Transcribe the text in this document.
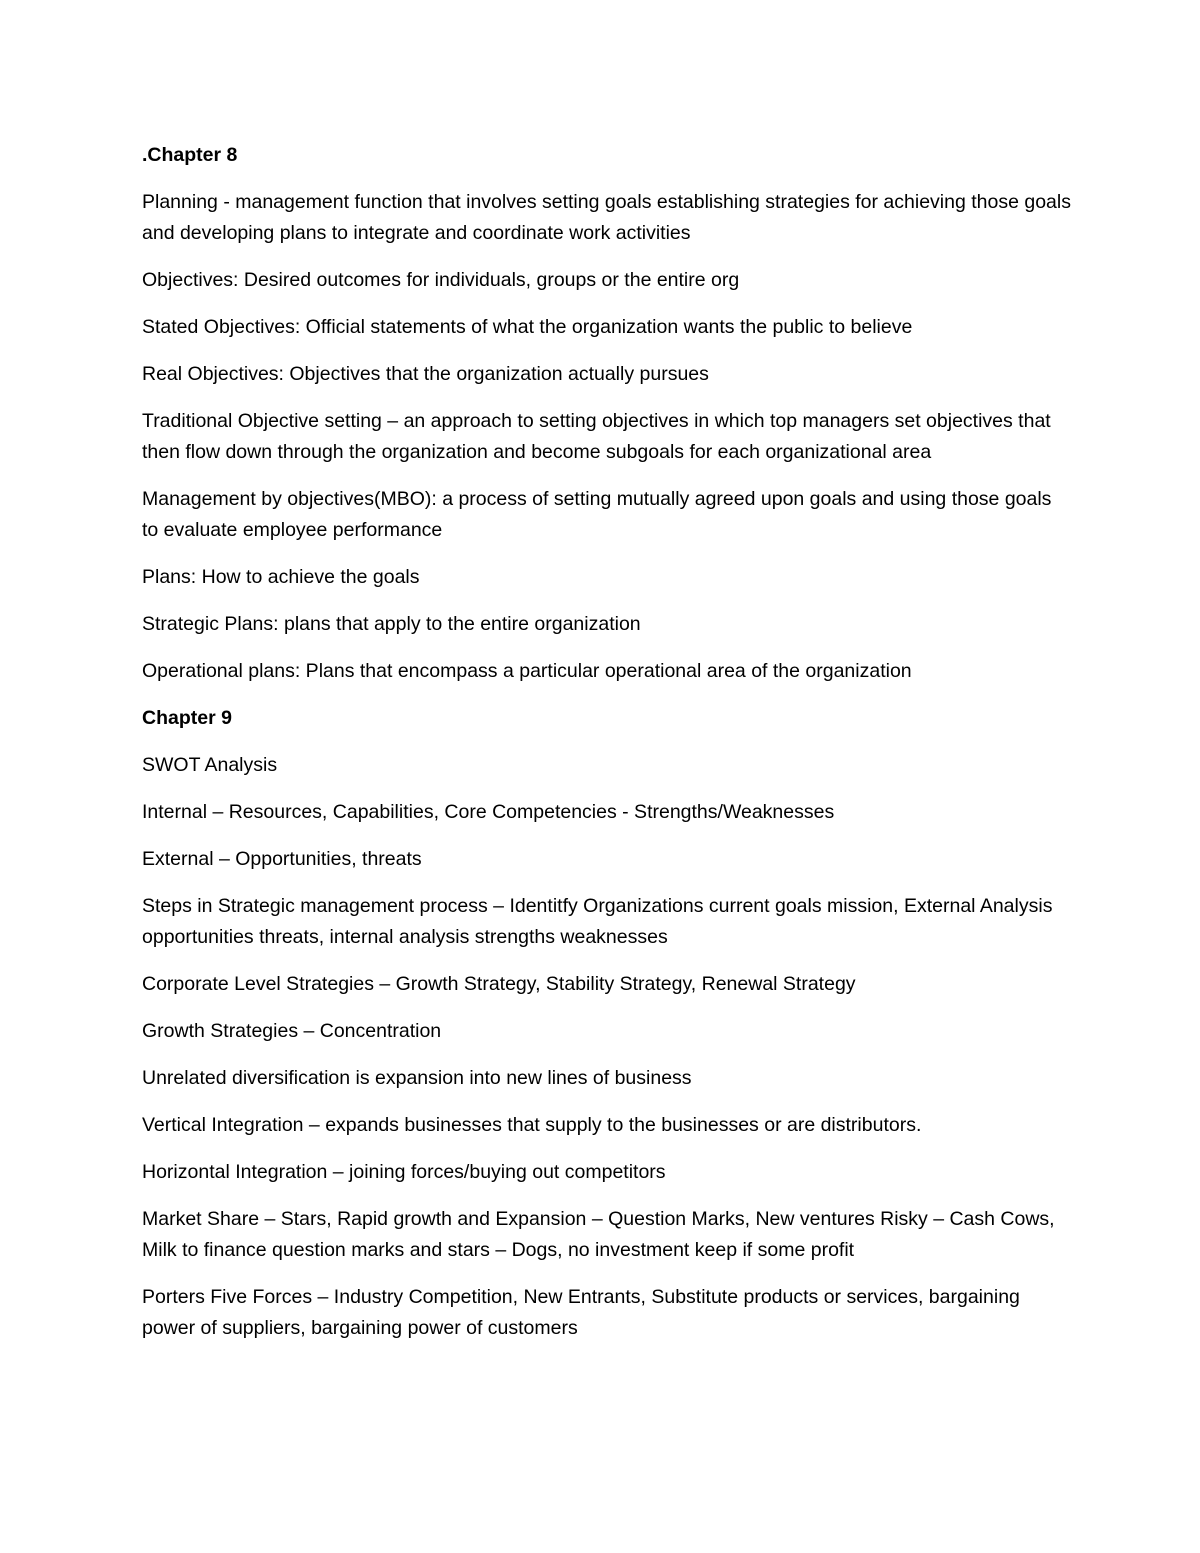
.Chapter 8

Planning - management function that involves setting goals establishing strategies for achieving those goals and developing plans to integrate and coordinate work activities

Objectives: Desired outcomes for individuals, groups or the entire org

Stated Objectives: Official statements of what the organization wants the public to believe

Real Objectives: Objectives that the organization actually pursues

Traditional Objective setting – an approach to setting objectives in which top managers set objectives that then flow down through the organization and become subgoals for each organizational area

Management by objectives(MBO): a process of setting mutually agreed upon goals and using those goals to evaluate employee performance

Plans: How to achieve the goals

Strategic Plans: plans that apply to the entire organization

Operational plans: Plans that encompass a particular operational area of the organization

Chapter 9

SWOT Analysis

Internal – Resources, Capabilities, Core Competencies - Strengths/Weaknesses

External – Opportunities, threats

Steps in Strategic management process – Identitfy Organizations current goals mission, External Analysis opportunities threats, internal analysis strengths weaknesses

Corporate Level Strategies – Growth Strategy, Stability Strategy, Renewal Strategy

Growth Strategies – Concentration

Unrelated diversification is expansion into new lines of business

Vertical Integration – expands businesses that supply to the businesses or are distributors.

Horizontal Integration – joining forces/buying out competitors

Market Share – Stars, Rapid growth and Expansion – Question Marks, New ventures Risky – Cash Cows, Milk to finance question marks and stars – Dogs, no investment keep if some profit

Porters Five Forces – Industry Competition, New Entrants, Substitute products or services, bargaining power of suppliers, bargaining power of customers
